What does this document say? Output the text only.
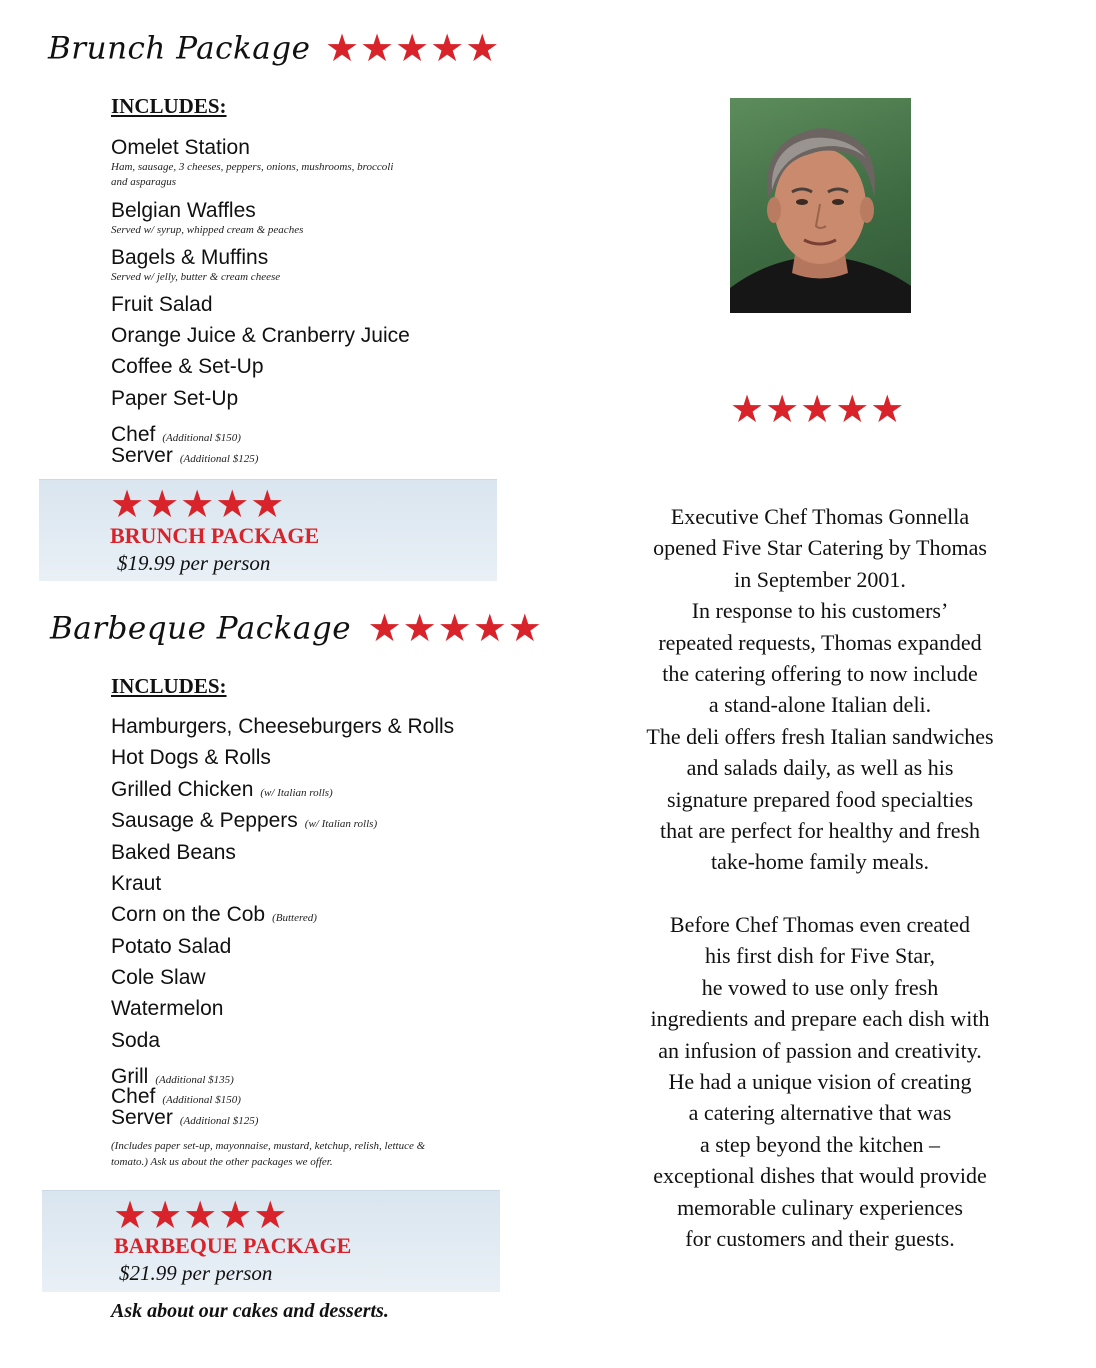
Brunch Package ★★★★★
INCLUDES:
Omelet Station
Ham, sausage, 3 cheeses, peppers, onions, mushrooms, broccoli and asparagus
Belgian Waffles
Served w/ syrup, whipped cream & peaches
Bagels & Muffins
Served w/ jelly, butter & cream cheese
Fruit Salad
Orange Juice & Cranberry Juice
Coffee & Set-Up
Paper Set-Up
Chef (Additional $150)
Server (Additional $125)
★★★★★
BRUNCH PACKAGE
$19.99 per person
Barbeque Package ★★★★★
INCLUDES:
Hamburgers, Cheeseburgers & Rolls
Hot Dogs & Rolls
Grilled Chicken (w/ Italian rolls)
Sausage & Peppers (w/ Italian rolls)
Baked Beans
Kraut
Corn on the Cob (Buttered)
Potato Salad
Cole Slaw
Watermelon
Soda
Grill (Additional $135)
Chef (Additional $150)
Server (Additional $125)
(Includes paper set-up, mayonnaise, mustard, ketchup, relish, lettuce & tomato.) Ask us about the other packages we offer.
★★★★★
BARBEQUE PACKAGE
$21.99 per person
Ask about our cakes and desserts.
★★★★★

Executive Chef Thomas Gonnella

opened Five Star Catering by Thomas

in September 2001.

In response to his customers’

repeated requests, Thomas expanded

the catering offering to now include

a stand-alone Italian deli.

The deli offers fresh Italian sandwiches

and salads daily, as well as his

signature prepared food specialties

that are perfect for healthy and fresh

take-home family meals.

Before Chef Thomas even created

his first dish for Five Star,

he vowed to use only fresh

ingredients and prepare each dish with

an infusion of passion and creativity.

He had a unique vision of creating

a catering alternative that was

a step beyond the kitchen –

exceptional dishes that would provide

memorable culinary experiences

for customers and their guests.
